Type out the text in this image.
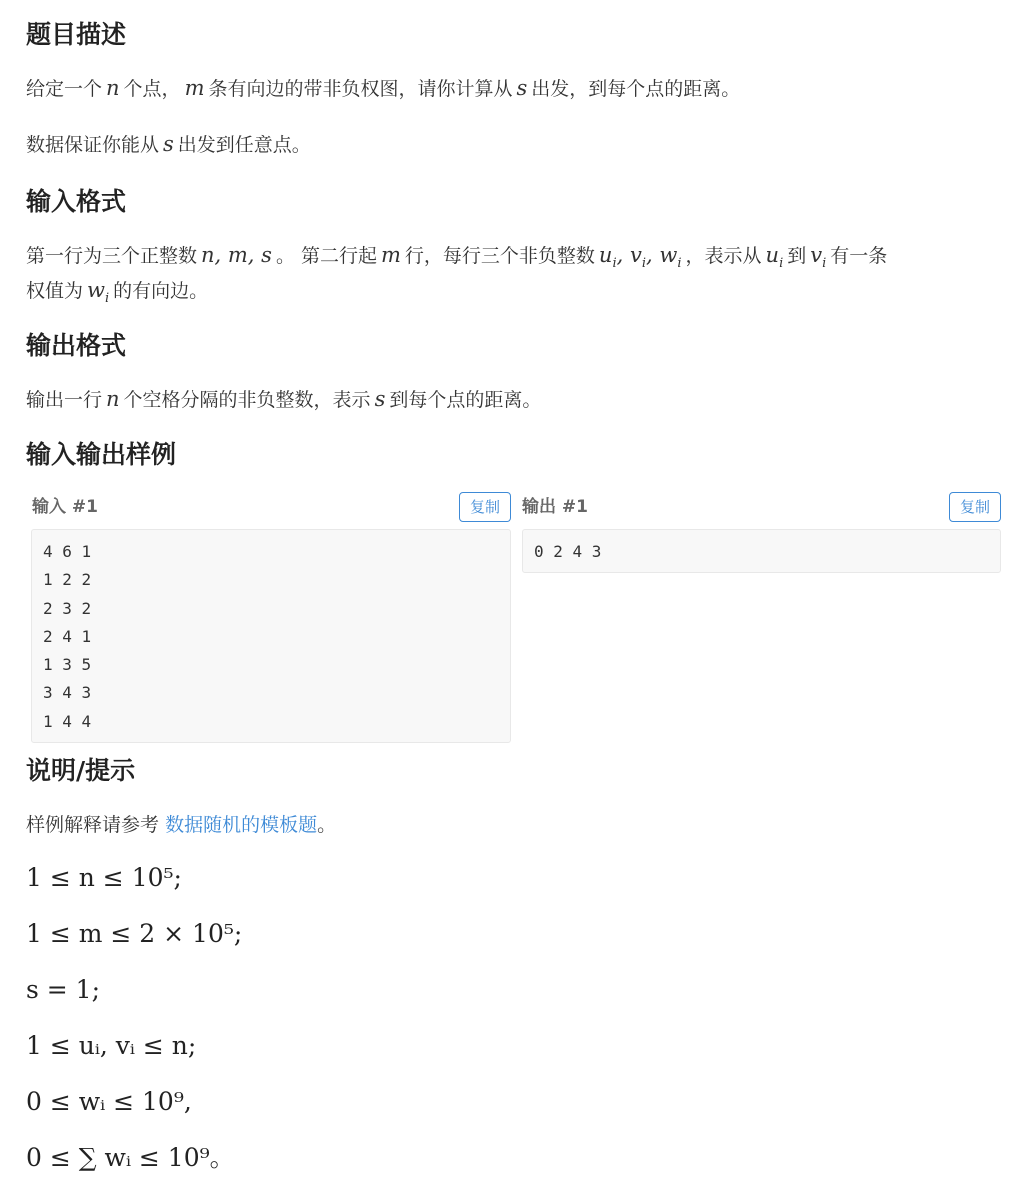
题目描述

给定一个 n 个点， m 条有向边的带非负权图，请你计算从 s 出发，到每个点的距离。

数据保证你能从 s 出发到任意点。

输入格式

第一行为三个正整数 n, m, s 。 第二行起 m 行，每行三个非负整数 $u_i$, $v_i$, $w_i$ ，表示从 $u_i$ 到 $v_i$ 有一条

权值为 $w_i$ 的有向边。

输出格式

输出一行 n 个空格分隔的非负整数，表示 s 到每个点的距离。

输入输出样例
输入 #1	复制
4 6 1
1 2 2
2 3 2
2 4 1
1 3 5
3 4 3
1 4 4
输出 #1	复制
0 2 4 3
说明/提示

样例解释请参考 数据随机的模板题。

1 ≤ n ≤ 10⁵;
1 ≤ m ≤ 2 × 10⁵;
s = 1;
1 ≤ uᵢ, vᵢ ≤ n;
0 ≤ wᵢ ≤ 10⁹,
0 ≤ ∑ wᵢ ≤ 10⁹。
